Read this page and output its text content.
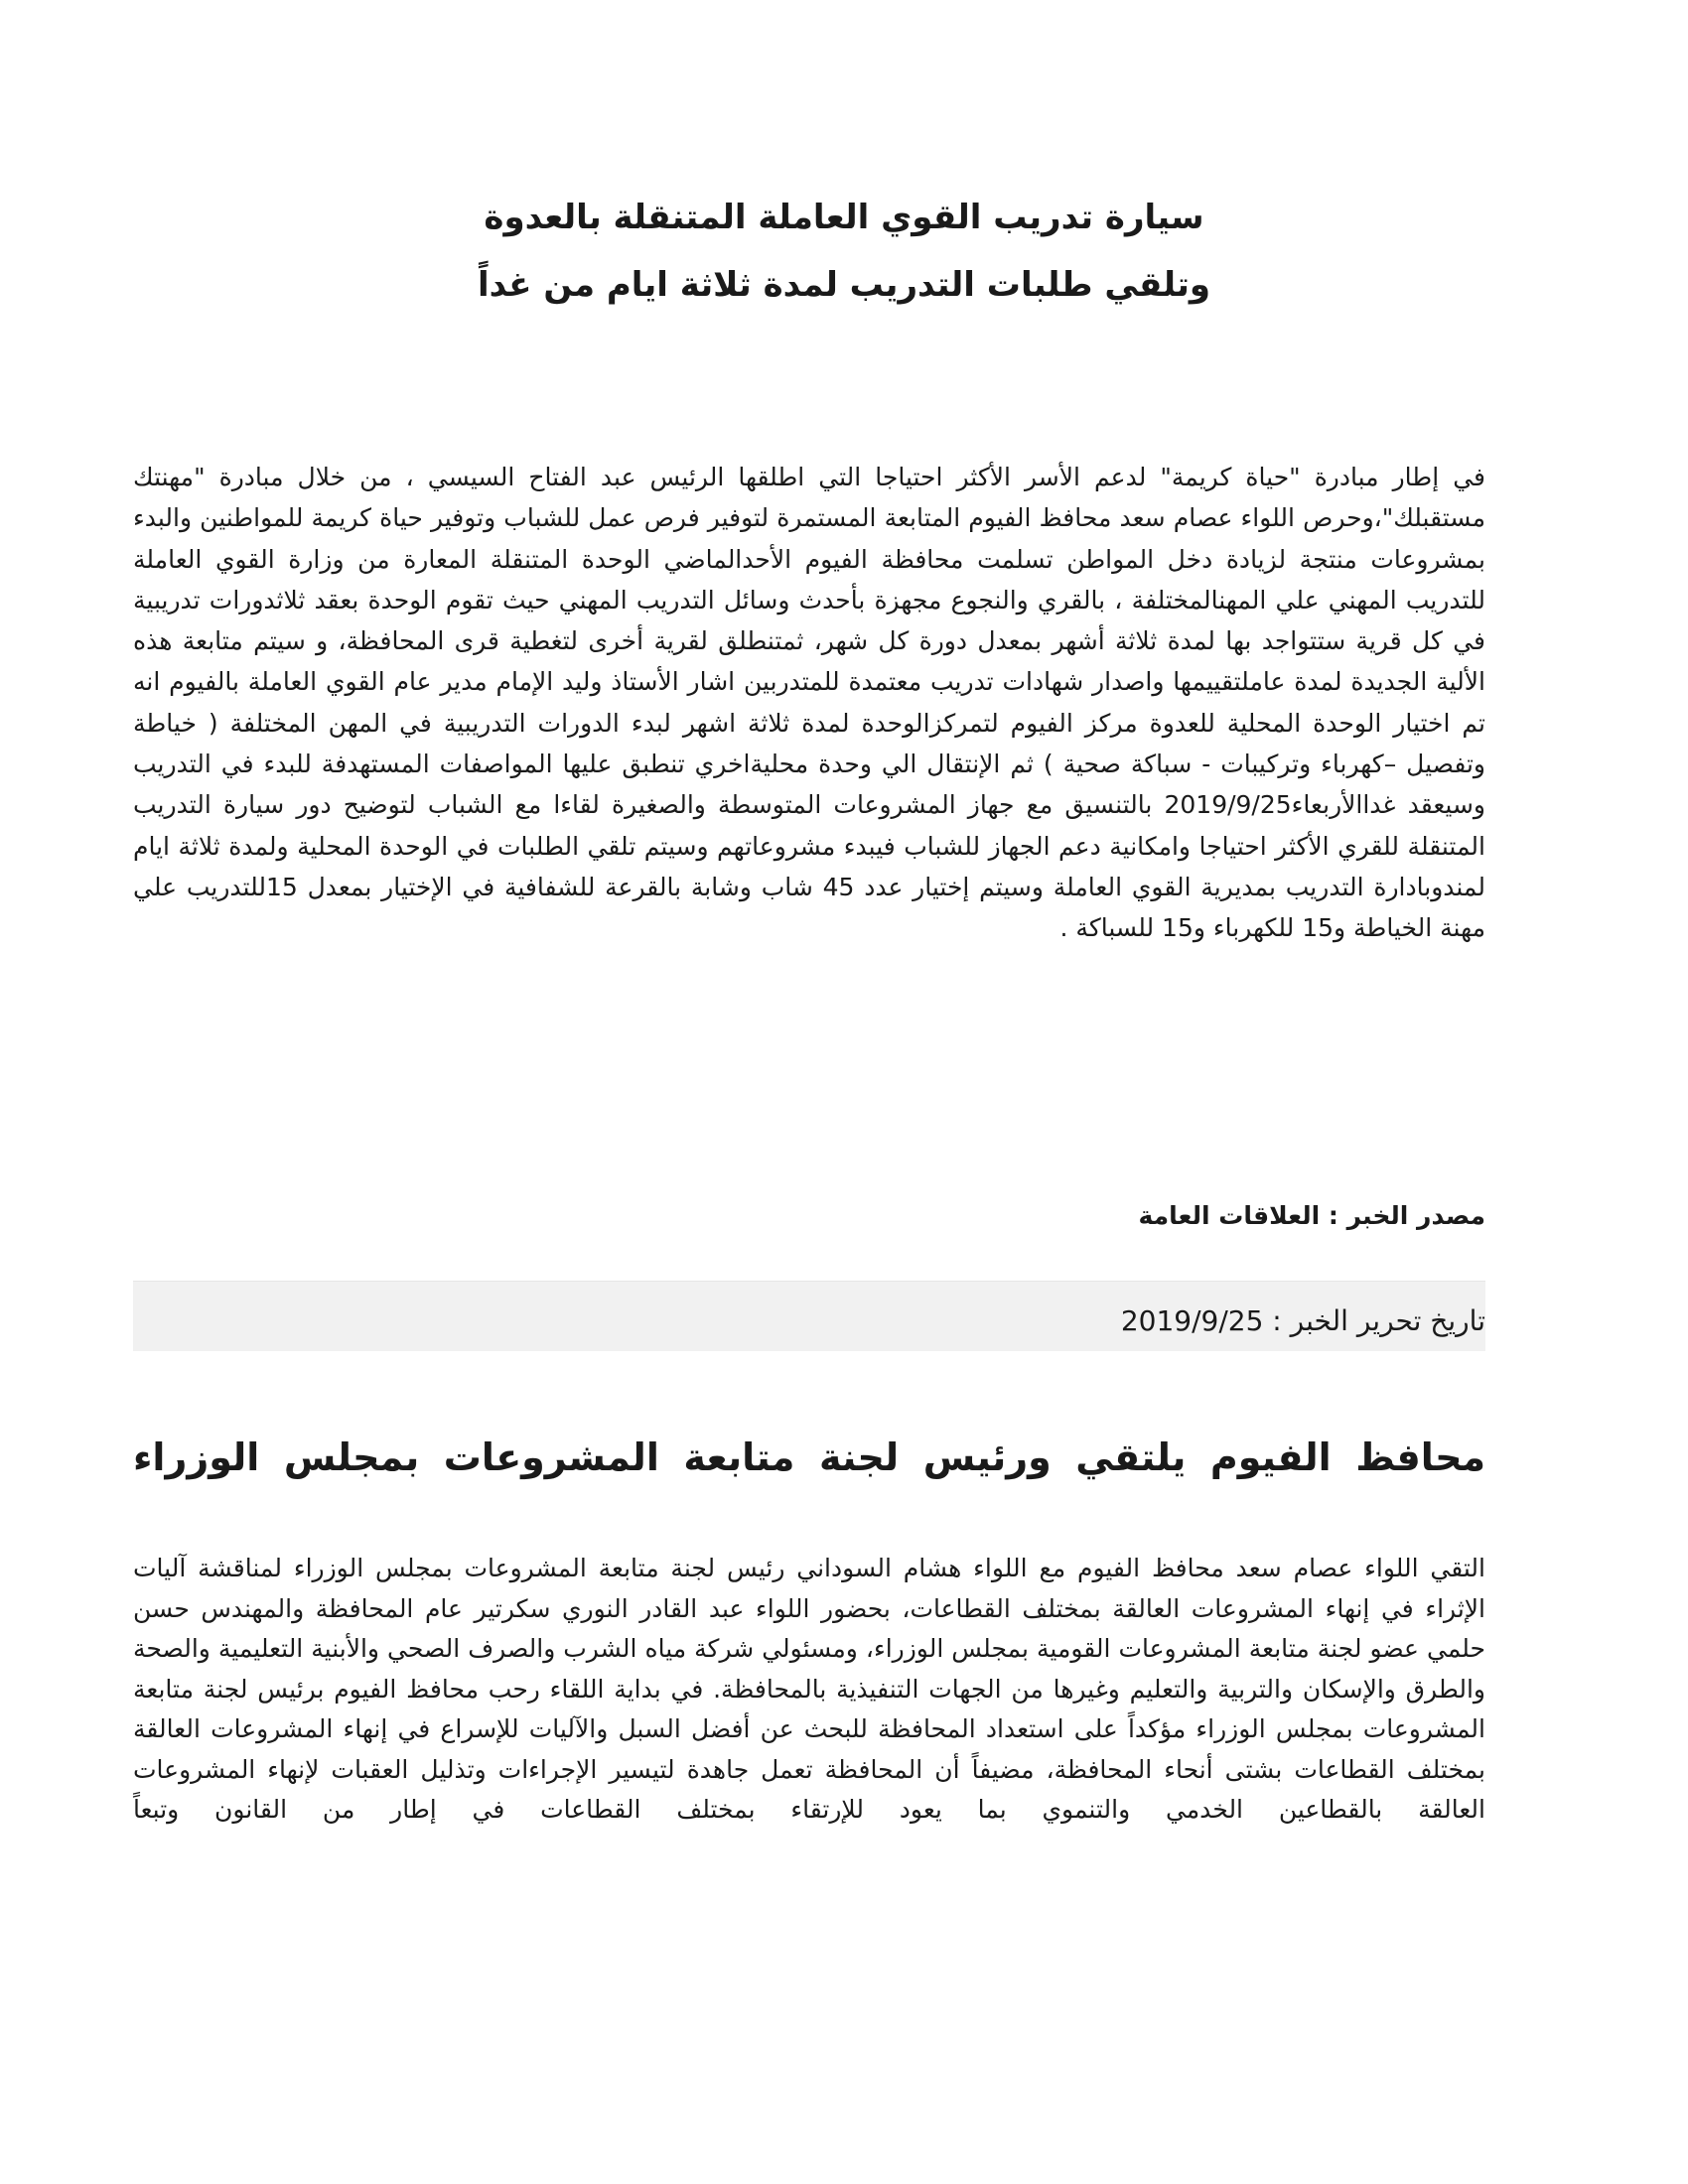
سيارة تدريب القوي العاملة المتنقلة بالعدوة
وتلقي طلبات التدريب لمدة ثلاثة ايام من غداً

في إطار مبادرة "حياة كريمة" لدعم الأسر الأكثر احتياجا التي اطلقها الرئيس عبد الفتاح السيسي ، من خلال مبادرة "مهنتك مستقبلك"،وحرص اللواء عصام سعد محافظ الفيوم المتابعة المستمرة لتوفير فرص عمل للشباب وتوفير حياة كريمة للمواطنين والبدء بمشروعات منتجة لزيادة دخل المواطن تسلمت محافظة الفيوم الأحدالماضي الوحدة المتنقلة المعارة من وزارة القوي العاملة للتدريب المهني علي المهنالمختلفة ، بالقري والنجوع مجهزة بأحدث وسائل التدريب المهني حيث تقوم الوحدة بعقد ثلاثدورات تدريبية في كل قرية ستتواجد بها لمدة ثلاثة أشهر بمعدل دورة كل شهر، ثمتنطلق لقرية أخرى لتغطية قرى المحافظة، و سيتم متابعة هذه الألية الجديدة لمدة عاملتقييمها واصدار شهادات تدريب معتمدة للمتدربين اشار الأستاذ وليد الإمام مدير عام القوي العاملة بالفيوم انه تم اختيار الوحدة المحلية للعدوة مركز الفيوم لتمركزالوحدة لمدة ثلاثة اشهر لبدء الدورات التدريبية في المهن المختلفة ( خياطة وتفصيل –كهرباء وتركيبات - سباكة صحية ) ثم الإنتقال الي وحدة محليةاخري تنطبق عليها المواصفات المستهدفة للبدء في التدريب وسيعقد غداالأربعاء2019/9/25 بالتنسيق مع جهاز المشروعات المتوسطة والصغيرة لقاءا مع الشباب لتوضيح دور سيارة التدريب المتنقلة للقري الأكثر احتياجا وامكانية دعم الجهاز للشباب فيبدء مشروعاتهم وسيتم تلقي الطلبات في الوحدة المحلية ولمدة ثلاثة ايام لمندوبادارة التدريب بمديرية القوي العاملة وسيتم إختيار عدد 45 شاب وشابة بالقرعة للشفافية في الإختيار بمعدل 15للتدريب علي مهنة الخياطة و15 للكهرباء و15 للسباكة .

مصدر الخبر : العلاقات العامة

تاريخ تحرير الخبر : 2019/9/25

محافظ الفيوم يلتقي ورئيس لجنة متابعة المشروعات بمجلس الوزراء

التقي اللواء عصام سعد محافظ الفيوم مع اللواء هشام السوداني رئيس لجنة متابعة المشروعات بمجلس الوزراء لمناقشة آليات الإثراء في إنهاء المشروعات العالقة بمختلف القطاعات، بحضور اللواء عبد القادر النوري سكرتير عام المحافظة والمهندس حسن حلمي عضو لجنة متابعة المشروعات القومية بمجلس الوزراء، ومسئولي شركة مياه الشرب والصرف الصحي والأبنية التعليمية والصحة والطرق والإسكان والتربية والتعليم وغيرها من الجهات التنفيذية بالمحافظة. في بداية اللقاء رحب محافظ الفيوم برئيس لجنة متابعة المشروعات بمجلس الوزراء مؤكداً على استعداد المحافظة للبحث عن أفضل السبل والآليات للإسراع في إنهاء المشروعات العالقة بمختلف القطاعات بشتى أنحاء المحافظة، مضيفاً أن المحافظة تعمل جاهدة لتيسير الإجراءات وتذليل العقبات لإنهاء المشروعات العالقة بالقطاعين الخدمي والتنموي بما يعود للإرتقاء بمختلف القطاعات في إطار من القانون وتبعاً
